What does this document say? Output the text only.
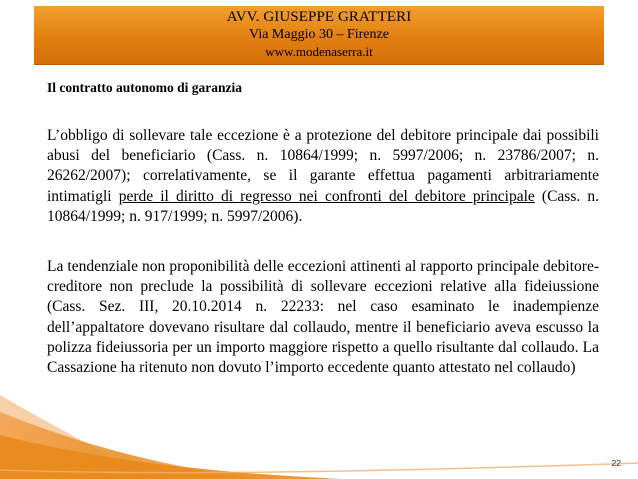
AVV. GIUSEPPE GRATTERI
Via Maggio 30 – Firenze
www.modenaserra.it
Il contratto autonomo di garanzia

L’obbligo di sollevare tale eccezione è a protezione del debitore principale dai possibili abusi del beneficiario (Cass. n. 10864/1999; n. 5997/2006; n. 23786/2007; n. 26262/2007); correlativamente, se il garante effettua pagamenti arbitrariamente intimatigli perde il diritto di regresso nei confronti del debitore principale (Cass. n. 10864/1999; n. 917/1999; n. 5997/2006).

La tendenziale non proponibilità delle eccezioni attinenti al rapporto principale debitore-creditore non preclude la possibilità di sollevare eccezioni relative alla fideiussione (Cass. Sez. III, 20.10.2014 n. 22233: nel caso esaminato le inadempienze dell’appaltatore dovevano risultare dal collaudo, mentre il beneficiario aveva escusso la polizza fideiussoria per un importo maggiore rispetto a quello risultante dal collaudo. La Cassazione ha ritenuto non dovuto l’importo eccedente quanto attestato nel collaudo)

22
